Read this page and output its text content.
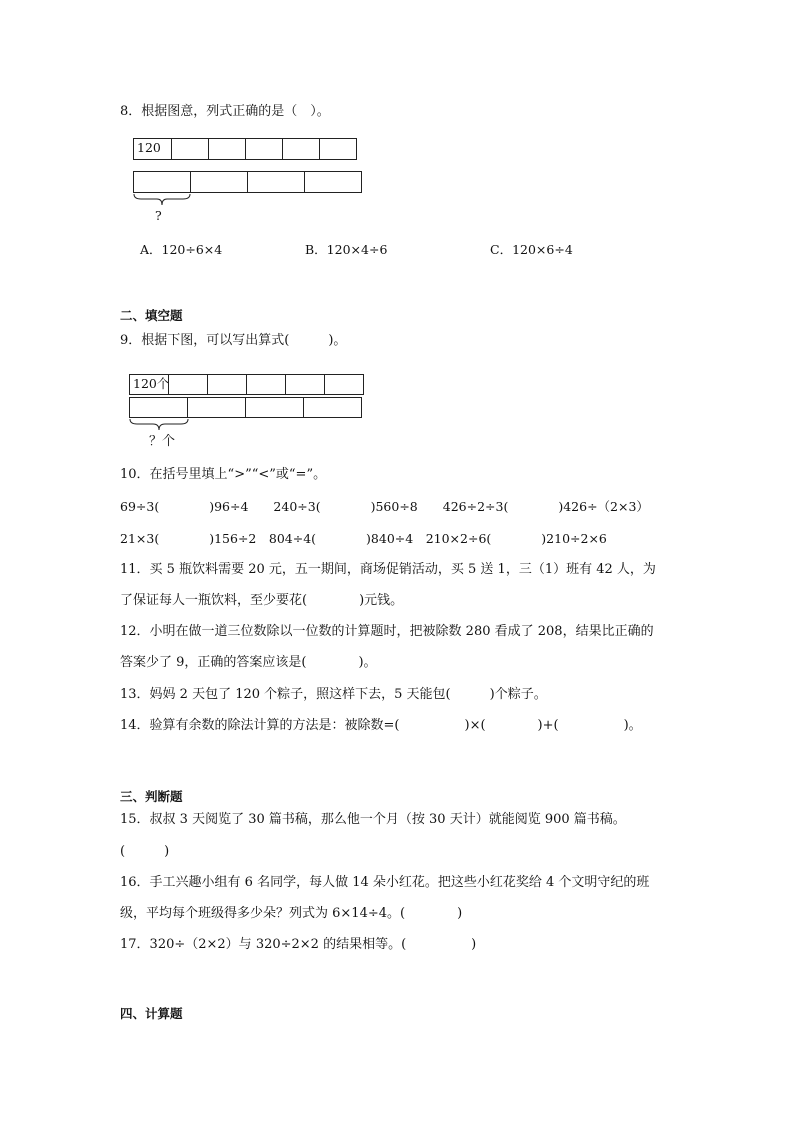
8．根据图意，列式正确的是（　）。
120
?
A．120÷6×4	B．120×4÷6	C．120×6÷4
二、填空题
9．根据下图，可以写出算式(　　　)。
120个
？个
10．在括号里填上“>”“<”或“=”。
69÷3(　　　　)96÷4　　240÷3(　　　　)560÷8　　426÷2÷3(　　　　)426÷（2×3）
21×3(　　　　)156÷2　804÷4(　　　　)840÷4　210×2÷6(　　　　)210÷2×6
11．买 5 瓶饮料需要 20 元，五一期间，商场促销活动，买 5 送 1，三（1）班有 42 人，为
了保证每人一瓶饮料，至少要花(　　　　)元钱。
12．小明在做一道三位数除以一位数的计算题时，把被除数 280 看成了 208，结果比正确的
答案少了 9，正确的答案应该是(　　　　)。
13．妈妈 2 天包了 120 个粽子，照这样下去，5 天能包(　　　)个粽子。
14．验算有余数的除法计算的方法是：被除数=(　　　　　)×(　　　　)+(　　　　　)。
三、判断题
15．叔叔 3 天阅览了 30 篇书稿，那么他一个月（按 30 天计）就能阅览 900 篇书稿。
(　　　)
16．手工兴趣小组有 6 名同学，每人做 14 朵小红花。把这些小红花奖给 4 个文明守纪的班
级，平均每个班级得多少朵？列式为 6×14÷4。(　　　　)
17．320÷（2×2）与 320÷2×2 的结果相等。(　　　　　)
四、计算题
